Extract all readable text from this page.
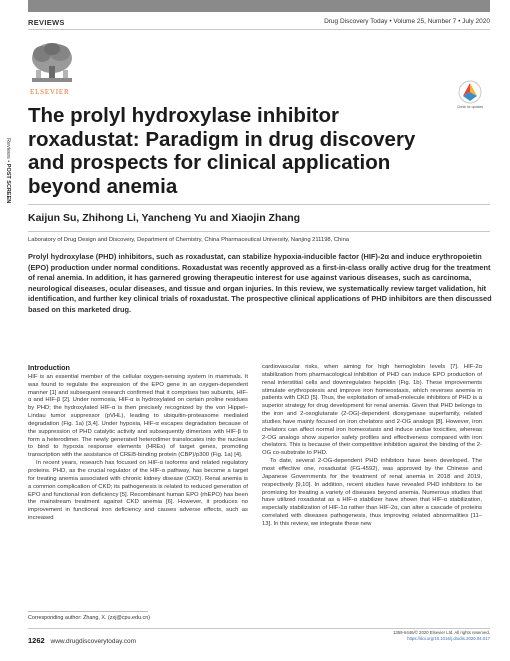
REVIEWS	Drug Discovery Today • Volume 25, Number 7 • July 2020
ELSEVIER
Check for updates
Reviews • POST SCREEN
The prolyl hydroxylase inhibitor roxadustat: Paradigm in drug discovery and prospects for clinical application beyond anemia
Kaijun Su, Zhihong Li, Yancheng Yu and Xiaojin Zhang
Laboratory of Drug Design and Discovery, Department of Chemistry, China Pharmaceutical University, Nanjing 211198, China

Prolyl hydroxylase (PHD) inhibitors, such as roxadustat, can stabilize hypoxia-inducible factor (HIF)-2α and induce erythropoietin (EPO) production under normal conditions. Roxadustat was recently approved as a first-in-class orally active drug for the treatment of renal anemia. In addition, it has garnered growing therapeutic interest for use against various diseases, such as carcinoma, neurological diseases, ocular diseases, and tissue and organ injuries. In this review, we systematically review target validation, hit identification, and further key clinical trials of roxadustat. The prospective clinical applications of PHD inhibitors are then discussed based on this marketed drug.

Introduction

HIF is an essential member of the cellular oxygen-sensing system in mammals. It was found to regulate the expression of the EPO gene in an oxygen-dependent manner [1] and subsequent research confirmed that it comprises two subunits, HIF-α and HIF-β [2]. Under normoxia, HIF-α is hydroxylated on certain proline residues by PHD; the hydroxylated HIF-α is then precisely recognized by the von Hippel–Lindau tumor suppressor (pVHL), leading to ubiquitin-proteasome mediated degradation (Fig. 1a) [3,4]. Under hypoxia, HIF-α escapes degradation because of the suppression of PHD catalytic activity and subsequently dimerizes with HIF-β to form a heterodimer. The newly generated heterodimer translocates into the nucleus to bind to hypoxia response elements (HREs) of target genes, promoting transcription with the assistance of CREB-binding protein (CBP)/p300 (Fig. 1a) [4].

In recent years, research has focused on HIF-α isoforms and related regulatory proteins. PHD, as the crucial regulator of the HIF-α pathway, has become a target for treating anemia associated with chronic kidney disease (CKD). Renal anemia is a common complication of CKD; its pathogenesis is related to reduced generation of EPO and functional iron deficiency [5]. Recombinant human EPO (rhEPO) has been the mainstream treatment against CKD anemia [6]. However, it produces no improvement in functional iron deficiency and causes adverse effects, such as increased

cardiovascular risks, when aiming for high hemoglobin levels [7]. HIF-2α stabilization from pharmacological inhibition of PHD can induce EPO production of renal interstitial cells and downregulates hepcidin (Fig. 1b). These improvements stimulate erythropoiesis and improve iron homeostasis, which reverses anemia in patients with CKD [5]. Thus, the exploitation of small-molecule inhibitors of PHD is a superior strategy for drug development for renal anemia. Given that PHD belongs to the iron and 2-oxoglutarate (2-OG)-dependent dioxygenase superfamily, related studies have mainly focused on iron chelators and 2-OG analogs [8]. However, iron chelators can affect normal iron homeostasis and induce undue toxicities, whereas 2-OG analogs show superior safety profiles and effectiveness compared with iron chelators. This is because of their competitive inhibition against the binding of the 2-OG co-substrate to PHD.

To date, several 2-OG-dependent PHD inhibitors have been developed. The most effective one, roxadustat (FG-4592), was approved by the Chinese and Japanese Governments for the treatment of renal anemia in 2018 and 2019, respectively [9,10]. In addition, recent studies have revealed PHD inhibitors to be promising for treating a variety of diseases beyond anemia. Numerous studies that have utilized roxadustat as a HIF-α stabilizer have shown that HIF-α stabilization, especially stabilization of HIF-1α rather than HIF-2α, can alter a cascade of proteins correlated with diseases pathogenesis, thus improving related abnormalities [11–13]. In this review, we integrate these new

Corresponding author: Zhang, X. (zxj@cpu.edu.cn)
1262 www.drugdiscoverytoday.com
1359-6446/© 2020 Elsevier Ltd. All rights reserved.
https://doi.org/10.1016/j.drudis.2020.04.017
